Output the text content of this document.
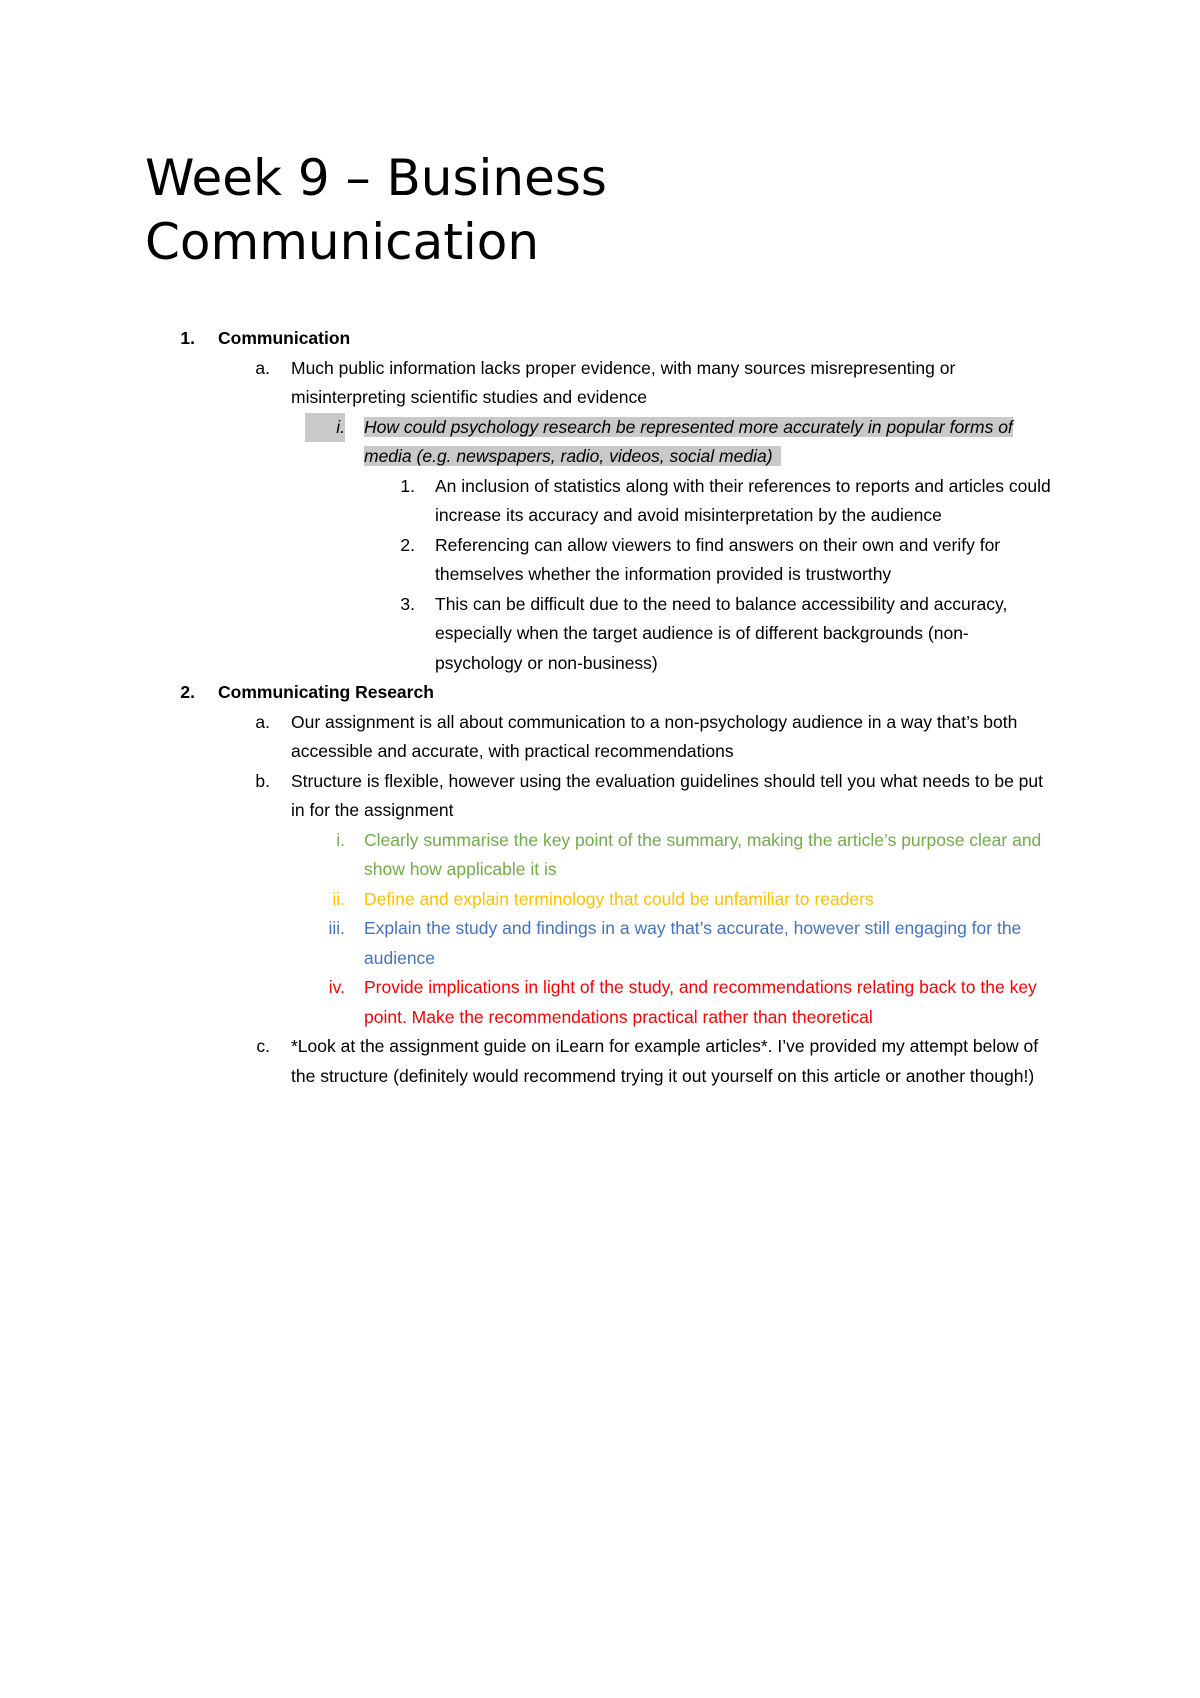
Week 9 – Business Communication
1. Communication
a. Much public information lacks proper evidence, with many sources misrepresenting or misinterpreting scientific studies and evidence
i. How could psychology research be represented more accurately in popular forms of media (e.g. newspapers, radio, videos, social media)
1. An inclusion of statistics along with their references to reports and articles could increase its accuracy and avoid misinterpretation by the audience
2. Referencing can allow viewers to find answers on their own and verify for themselves whether the information provided is trustworthy
3. This can be difficult due to the need to balance accessibility and accuracy, especially when the target audience is of different backgrounds (non-psychology or non-business)
2. Communicating Research
a. Our assignment is all about communication to a non-psychology audience in a way that’s both accessible and accurate, with practical recommendations
b. Structure is flexible, however using the evaluation guidelines should tell you what needs to be put in for the assignment
i. Clearly summarise the key point of the summary, making the article’s purpose clear and show how applicable it is
ii. Define and explain terminology that could be unfamiliar to readers
iii. Explain the study and findings in a way that’s accurate, however still engaging for the audience
iv. Provide implications in light of the study, and recommendations relating back to the key point. Make the recommendations practical rather than theoretical
c. *Look at the assignment guide on iLearn for example articles*. I’ve provided my attempt below of the structure (definitely would recommend trying it out yourself on this article or another though!)
